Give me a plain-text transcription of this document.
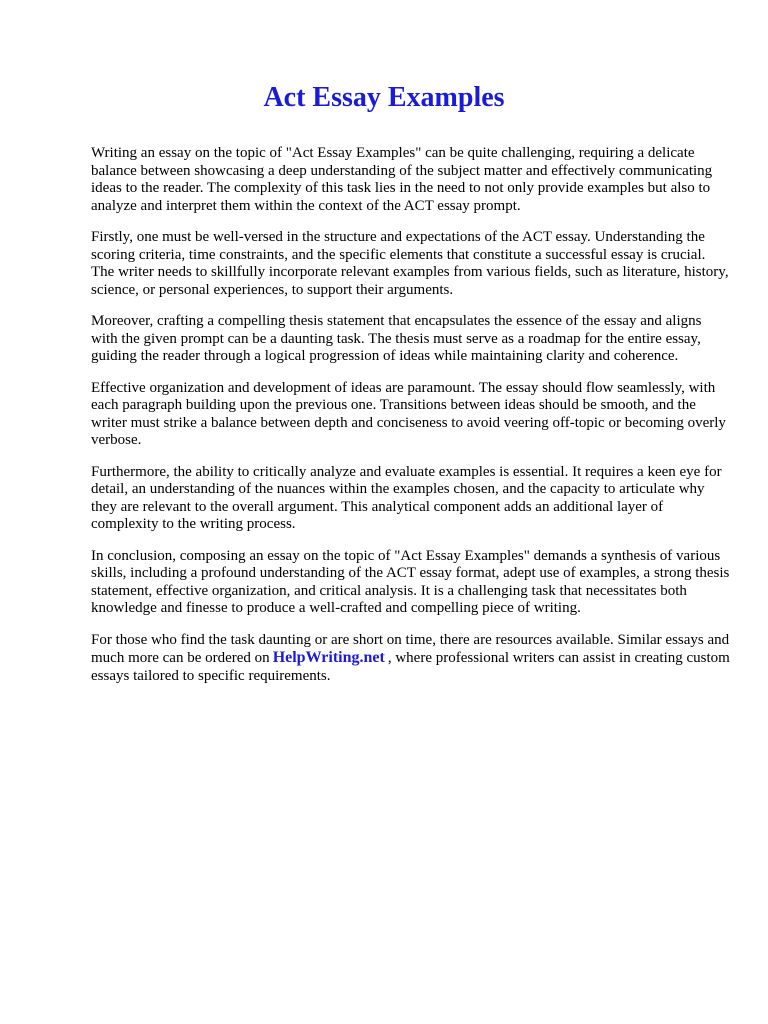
Act Essay Examples

Writing an essay on the topic of "Act Essay Examples" can be quite challenging, requiring a delicate balance between showcasing a deep understanding of the subject matter and effectively communicating ideas to the reader. The complexity of this task lies in the need to not only provide examples but also to analyze and interpret them within the context of the ACT essay prompt.

Firstly, one must be well-versed in the structure and expectations of the ACT essay. Understanding the scoring criteria, time constraints, and the specific elements that constitute a successful essay is crucial. The writer needs to skillfully incorporate relevant examples from various fields, such as literature, history, science, or personal experiences, to support their arguments.

Moreover, crafting a compelling thesis statement that encapsulates the essence of the essay and aligns with the given prompt can be a daunting task. The thesis must serve as a roadmap for the entire essay, guiding the reader through a logical progression of ideas while maintaining clarity and coherence.

Effective organization and development of ideas are paramount. The essay should flow seamlessly, with each paragraph building upon the previous one. Transitions between ideas should be smooth, and the writer must strike a balance between depth and conciseness to avoid veering off-topic or becoming overly verbose.

Furthermore, the ability to critically analyze and evaluate examples is essential. It requires a keen eye for detail, an understanding of the nuances within the examples chosen, and the capacity to articulate why they are relevant to the overall argument. This analytical component adds an additional layer of complexity to the writing process.

In conclusion, composing an essay on the topic of "Act Essay Examples" demands a synthesis of various skills, including a profound understanding of the ACT essay format, adept use of examples, a strong thesis statement, effective organization, and critical analysis. It is a challenging task that necessitates both knowledge and finesse to produce a well-crafted and compelling piece of writing.

For those who find the task daunting or are short on time, there are resources available. Similar essays and much more can be ordered on HelpWriting.net , where professional writers can assist in creating custom essays tailored to specific requirements.
